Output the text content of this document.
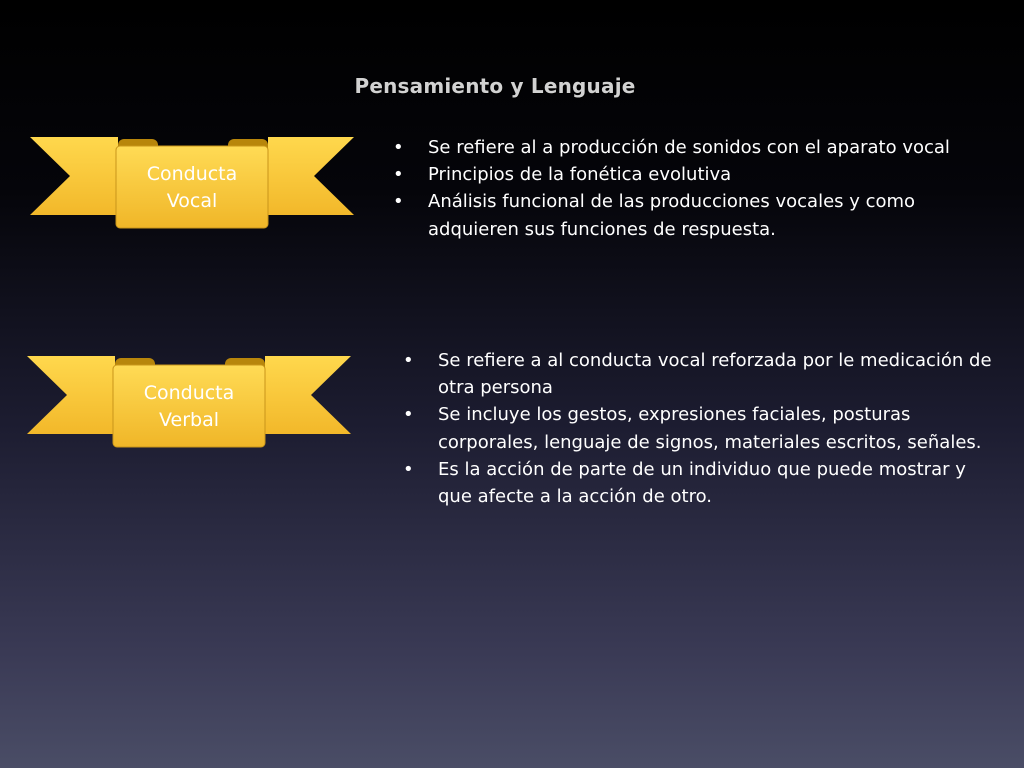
Pensamiento y Lenguaje
Conducta
Vocal
• Se refiere al a producción de sonidos con el aparato vocal
• Principios de la fonética evolutiva
• Análisis funcional de las producciones vocales y como adquieren sus funciones de respuesta.
Conducta
Verbal
• Se refiere a al conducta vocal reforzada por le medicación de otra persona
• Se incluye los gestos, expresiones faciales, posturas corporales, lenguaje de signos, materiales escritos, señales.
• Es la acción de parte de un individuo que puede mostrar y que afecte a la acción de otro.
